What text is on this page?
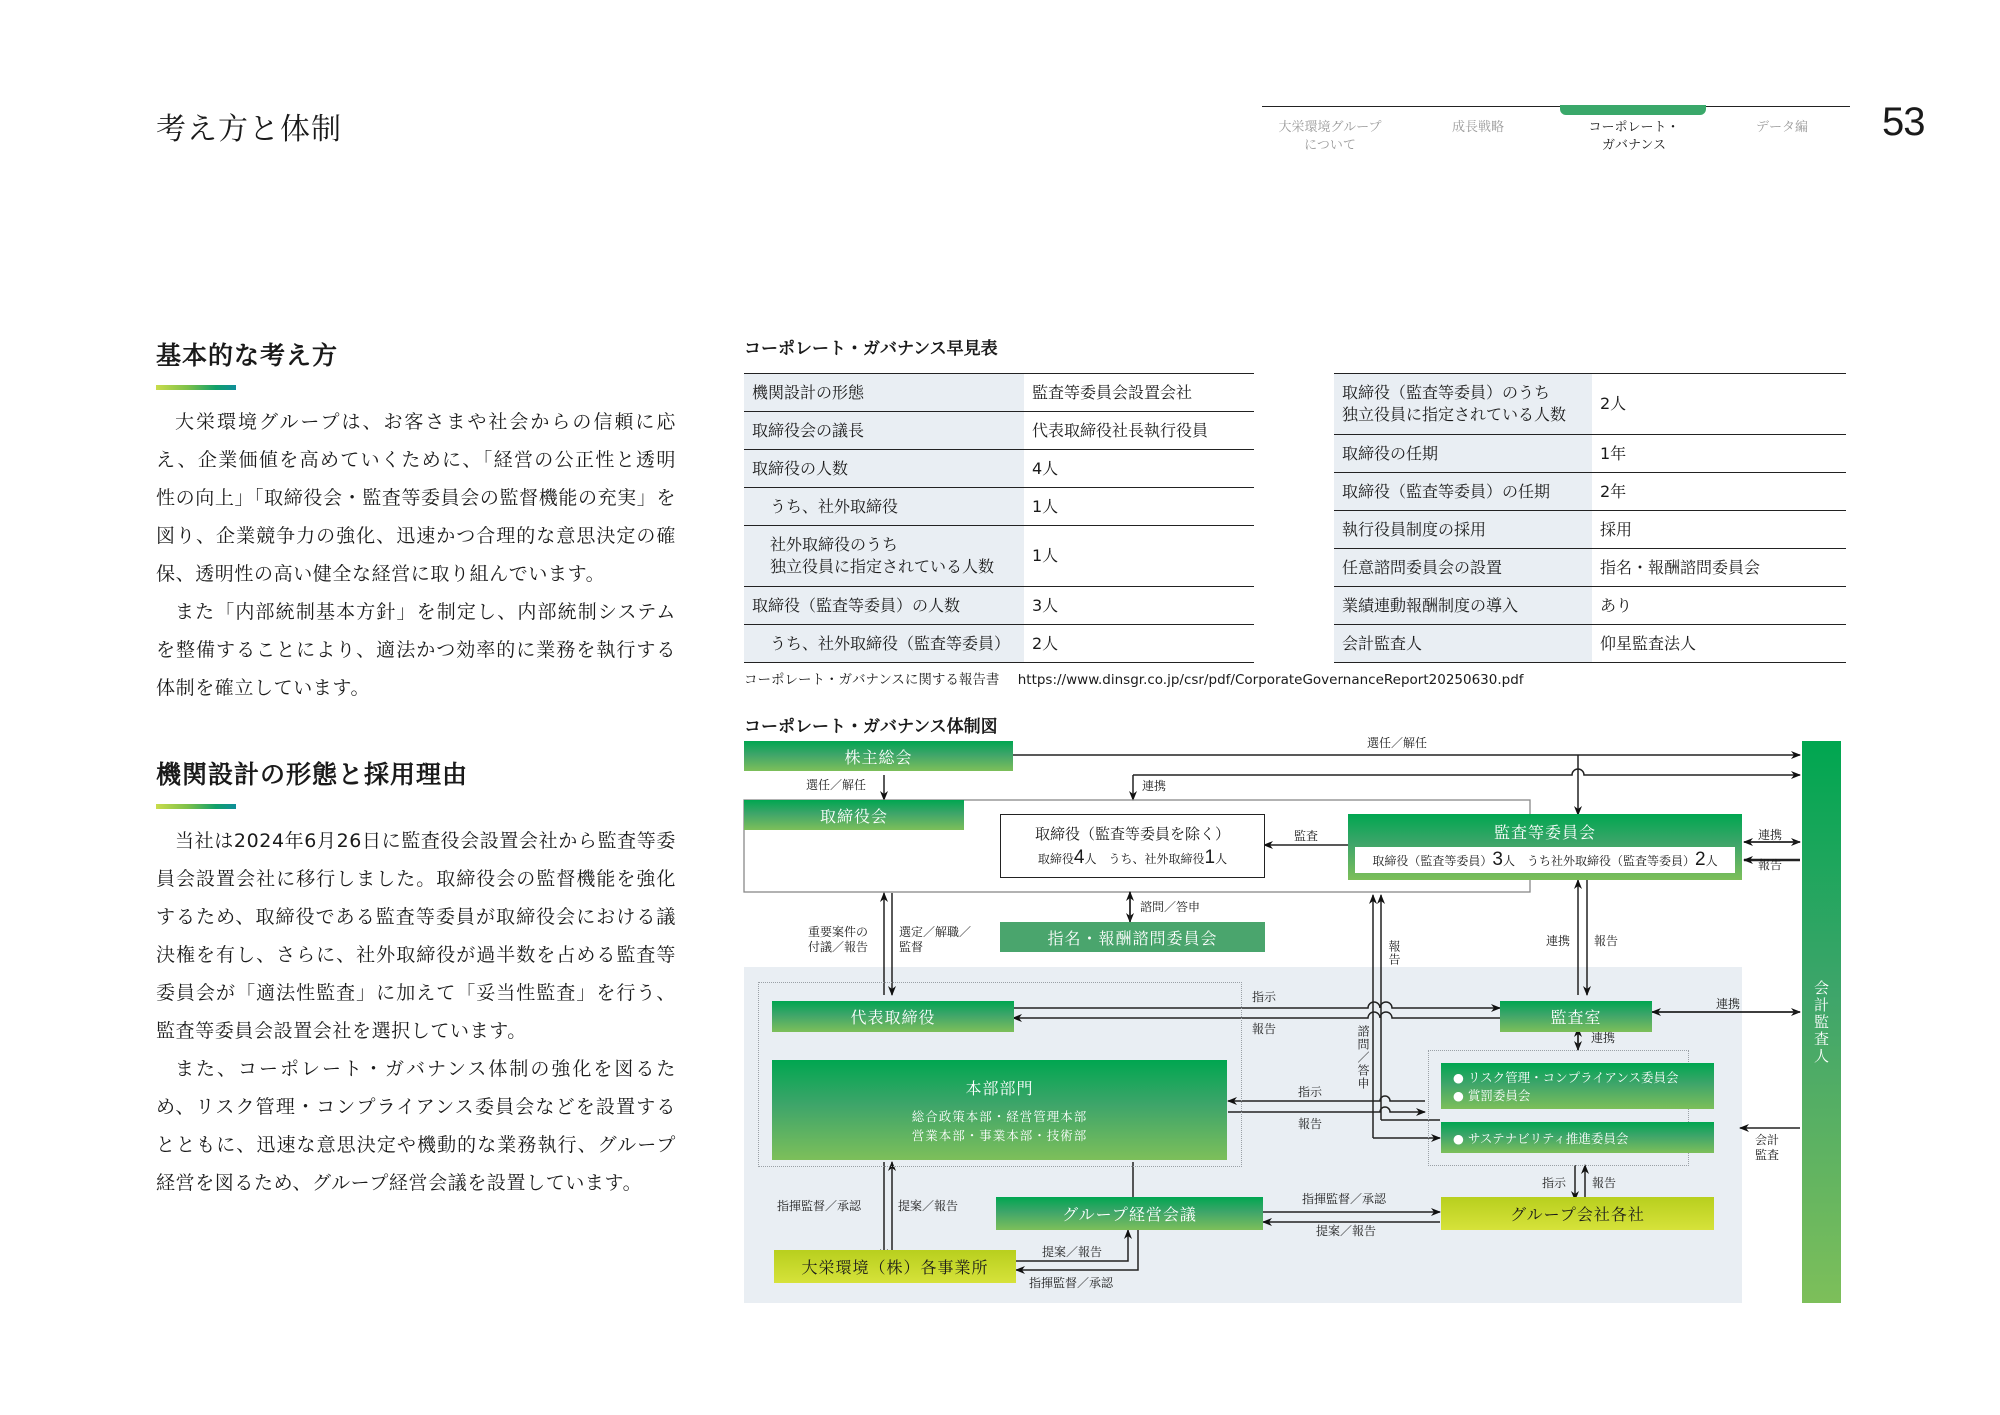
考え方と体制	大栄環境グループ
について
成長戦略	コーポレート・
ガバナンス
データ編	53
基本的な考え方

大栄環境グループは、お客さまや社会からの信頼に応え、企業価値を高めていくために、「経営の公正性と透明性の向上」「取締役会・監査等委員会の監督機能の充実」を図り、企業競争力の強化、迅速かつ合理的な意思決定の確保、透明性の高い健全な経営に取り組んでいます。

また「内部統制基本方針」を制定し、内部統制システムを整備することにより、適法かつ効率的に業務を執行する体制を確立しています。

機関設計の形態と採用理由

当社は2024年6月26日に監査役会設置会社から監査等委員会設置会社に移行しました。取締役会の監督機能を強化するため、取締役である監査等委員が取締役会における議決権を有し、さらに、社外取締役が過半数を占める監査等委員会が「適法性監査」に加えて「妥当性監査」を行う、監査等委員会設置会社を選択しています。

また、コーポレート・ガバナンス体制の強化を図るため、リスク管理・コンプライアンス委員会などを設置するとともに、迅速な意思決定や機動的な業務執行、グループ経営を図るため、グループ経営会議を設置しています。

コーポレート・ガバナンス早見表
機関設計の形態	監査等委員会設置会社
取締役会の議長	代表取締役社長執行役員
取締役の人数	4人
うち、社外取締役	1人

社外取締役のうち
独立役員に指定されている人数	1人
取締役（監査等委員）の人数	3人
うち、社外取締役（監査等委員）	2人
取締役（監査等委員）のうち
独立役員に指定されている人数	2人
取締役の任期	1年
取締役（監査等委員）の任期	2年
執行役員制度の採用	採用
任意諮問委員会の設置	指名・報酬諮問委員会
業績連動報酬制度の導入	あり
会計監査人	仰星監査法人
コーポレート・ガバナンスに関する報告書 https://www.dinsgr.co.jp/csr/pdf/CorporateGovernanceReport20250630.pdf
コーポレート・ガバナンス体制図
株主総会
取締役会
取締役（監査等委員を除く）
取締役4人　うち、社外取締役1人
監査等委員会
取締役（監査等委員） 3 人　うち社外取締役（監査等委員） 2 人
指名・報酬諮問委員会
代表取締役
本部部門
総合政策本部・経営管理本部
営業本部・事業本部・技術部
監査室
● リスク管理・コンプライアンス委員会
● 賞罰委員会
● サステナビリティ推進委員会
グループ経営会議	グループ会社各社
大栄環境（株）各事業所
会計監査人
選任／解任
選任／解任	連携
監査	連携
報告
諮問／答申
重要案件の
付議／報告
選定／解職／
監督	報告	連携 報告
指示
報告	諮問／答申
指示
報告
連携
連携
会計
監査
指示 報告
指揮監督／承認	提案／報告	指揮監督／承認
提案／報告
提案／報告
指揮監督／承認
